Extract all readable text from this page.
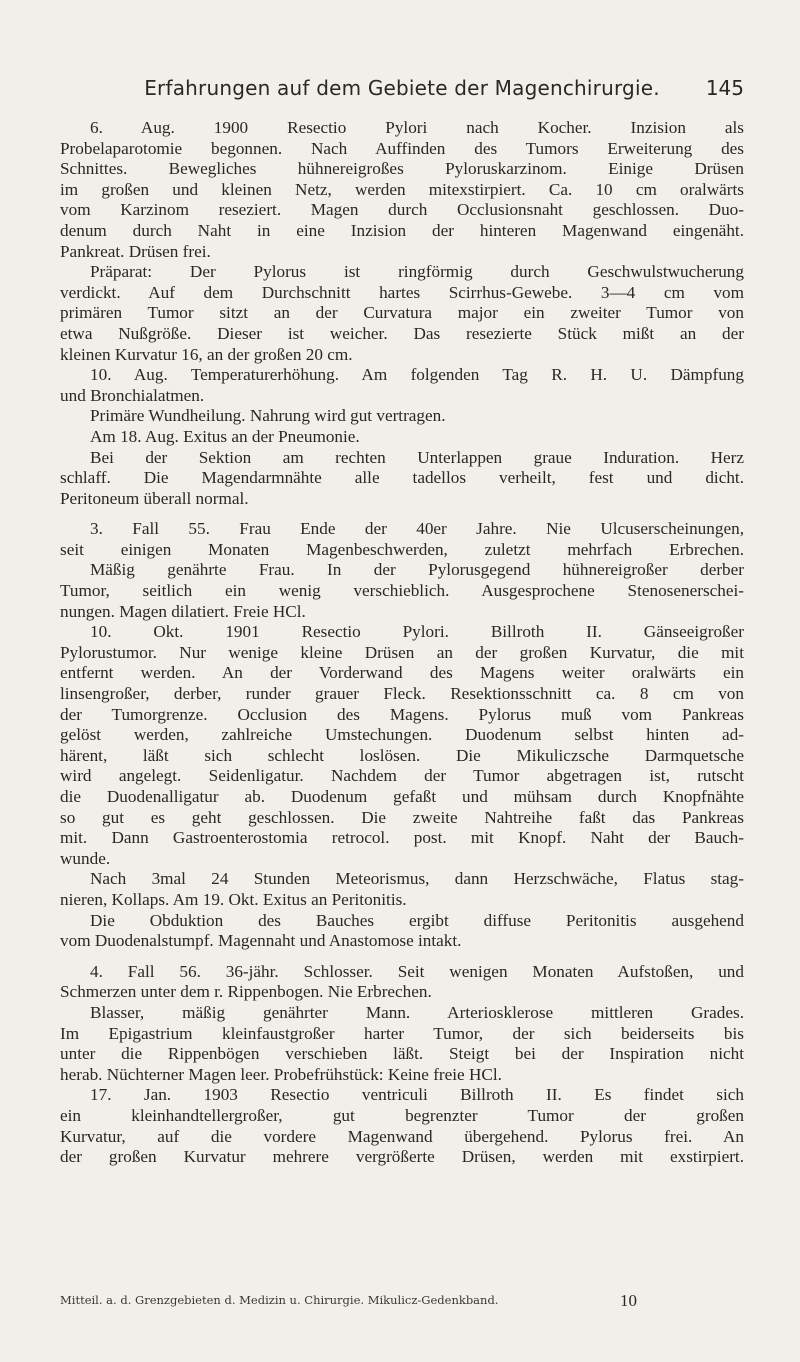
Erfahrungen auf dem Gebiete der Magenchirurgie.	145
6. Aug. 1900 Resectio Pylori nach Kocher. Inzision als
Probelaparotomie begonnen. Nach Auffinden des Tumors Erweiterung des
Schnittes. Bewegliches hühnereigroßes Pyloruskarzinom. Einige Drüsen
im großen und kleinen Netz, werden mitexstirpiert. Ca. 10 cm oralwärts
vom Karzinom reseziert. Magen durch Occlusionsnaht geschlossen. Duo-
denum durch Naht in eine Inzision der hinteren Magenwand eingenäht.
Pankreat. Drüsen frei.
Präparat: Der Pylorus ist ringförmig durch Geschwulstwucherung
verdickt. Auf dem Durchschnitt hartes Scirrhus-Gewebe. 3—4 cm vom
primären Tumor sitzt an der Curvatura major ein zweiter Tumor von
etwa Nußgröße. Dieser ist weicher. Das resezierte Stück mißt an der
kleinen Kurvatur 16, an der großen 20 cm.
10. Aug. Temperaturerhöhung. Am folgenden Tag R. H. U. Dämpfung
und Bronchialatmen.
Primäre Wundheilung. Nahrung wird gut vertragen.
Am 18. Aug. Exitus an der Pneumonie.
Bei der Sektion am rechten Unterlappen graue Induration. Herz
schlaff. Die Magendarmnähte alle tadellos verheilt, fest und dicht.
Peritoneum überall normal.
3. Fall 55. Frau Ende der 40er Jahre. Nie Ulcuserscheinungen,
seit einigen Monaten Magenbeschwerden, zuletzt mehrfach Erbrechen.
Mäßig genährte Frau. In der Pylorusgegend hühnereigroßer derber
Tumor, seitlich ein wenig verschieblich. Ausgesprochene Stenosenerschei-
nungen. Magen dilatiert. Freie HCl.
10. Okt. 1901 Resectio Pylori. Billroth II. Gänseeigroßer
Pylorustumor. Nur wenige kleine Drüsen an der großen Kurvatur, die mit
entfernt werden. An der Vorderwand des Magens weiter oralwärts ein
linsengroßer, derber, runder grauer Fleck. Resektionsschnitt ca. 8 cm von
der Tumorgrenze. Occlusion des Magens. Pylorus muß vom Pankreas
gelöst werden, zahlreiche Umstechungen. Duodenum selbst hinten ad-
härent, läßt sich schlecht loslösen. Die Mikuliczsche Darmquetsche
wird angelegt. Seidenligatur. Nachdem der Tumor abgetragen ist, rutscht
die Duodenalligatur ab. Duodenum gefaßt und mühsam durch Knopfnähte
so gut es geht geschlossen. Die zweite Nahtreihe faßt das Pankreas
mit. Dann Gastroenterostomia retrocol. post. mit Knopf. Naht der Bauch-
wunde.
Nach 3mal 24 Stunden Meteorismus, dann Herzschwäche, Flatus stag-
nieren, Kollaps. Am 19. Okt. Exitus an Peritonitis.
Die Obduktion des Bauches ergibt diffuse Peritonitis ausgehend
vom Duodenalstumpf. Magennaht und Anastomose intakt.
4. Fall 56. 36-jähr. Schlosser. Seit wenigen Monaten Aufstoßen, und
Schmerzen unter dem r. Rippenbogen. Nie Erbrechen.
Blasser, mäßig genährter Mann. Arteriosklerose mittleren Grades.
Im Epigastrium kleinfaustgroßer harter Tumor, der sich beiderseits bis
unter die Rippenbögen verschieben läßt. Steigt bei der Inspiration nicht
herab. Nüchterner Magen leer. Probefrühstück: Keine freie HCl.
17. Jan. 1903 Resectio ventriculi Billroth II. Es findet sich
ein kleinhandtellergroßer, gut begrenzter Tumor der großen
Kurvatur, auf die vordere Magenwand übergehend. Pylorus frei. An
der großen Kurvatur mehrere vergrößerte Drüsen, werden mit exstirpiert.
Mitteil. a. d. Grenzgebieten d. Medizin u. Chirurgie. Mikulicz-Gedenkband.	10
